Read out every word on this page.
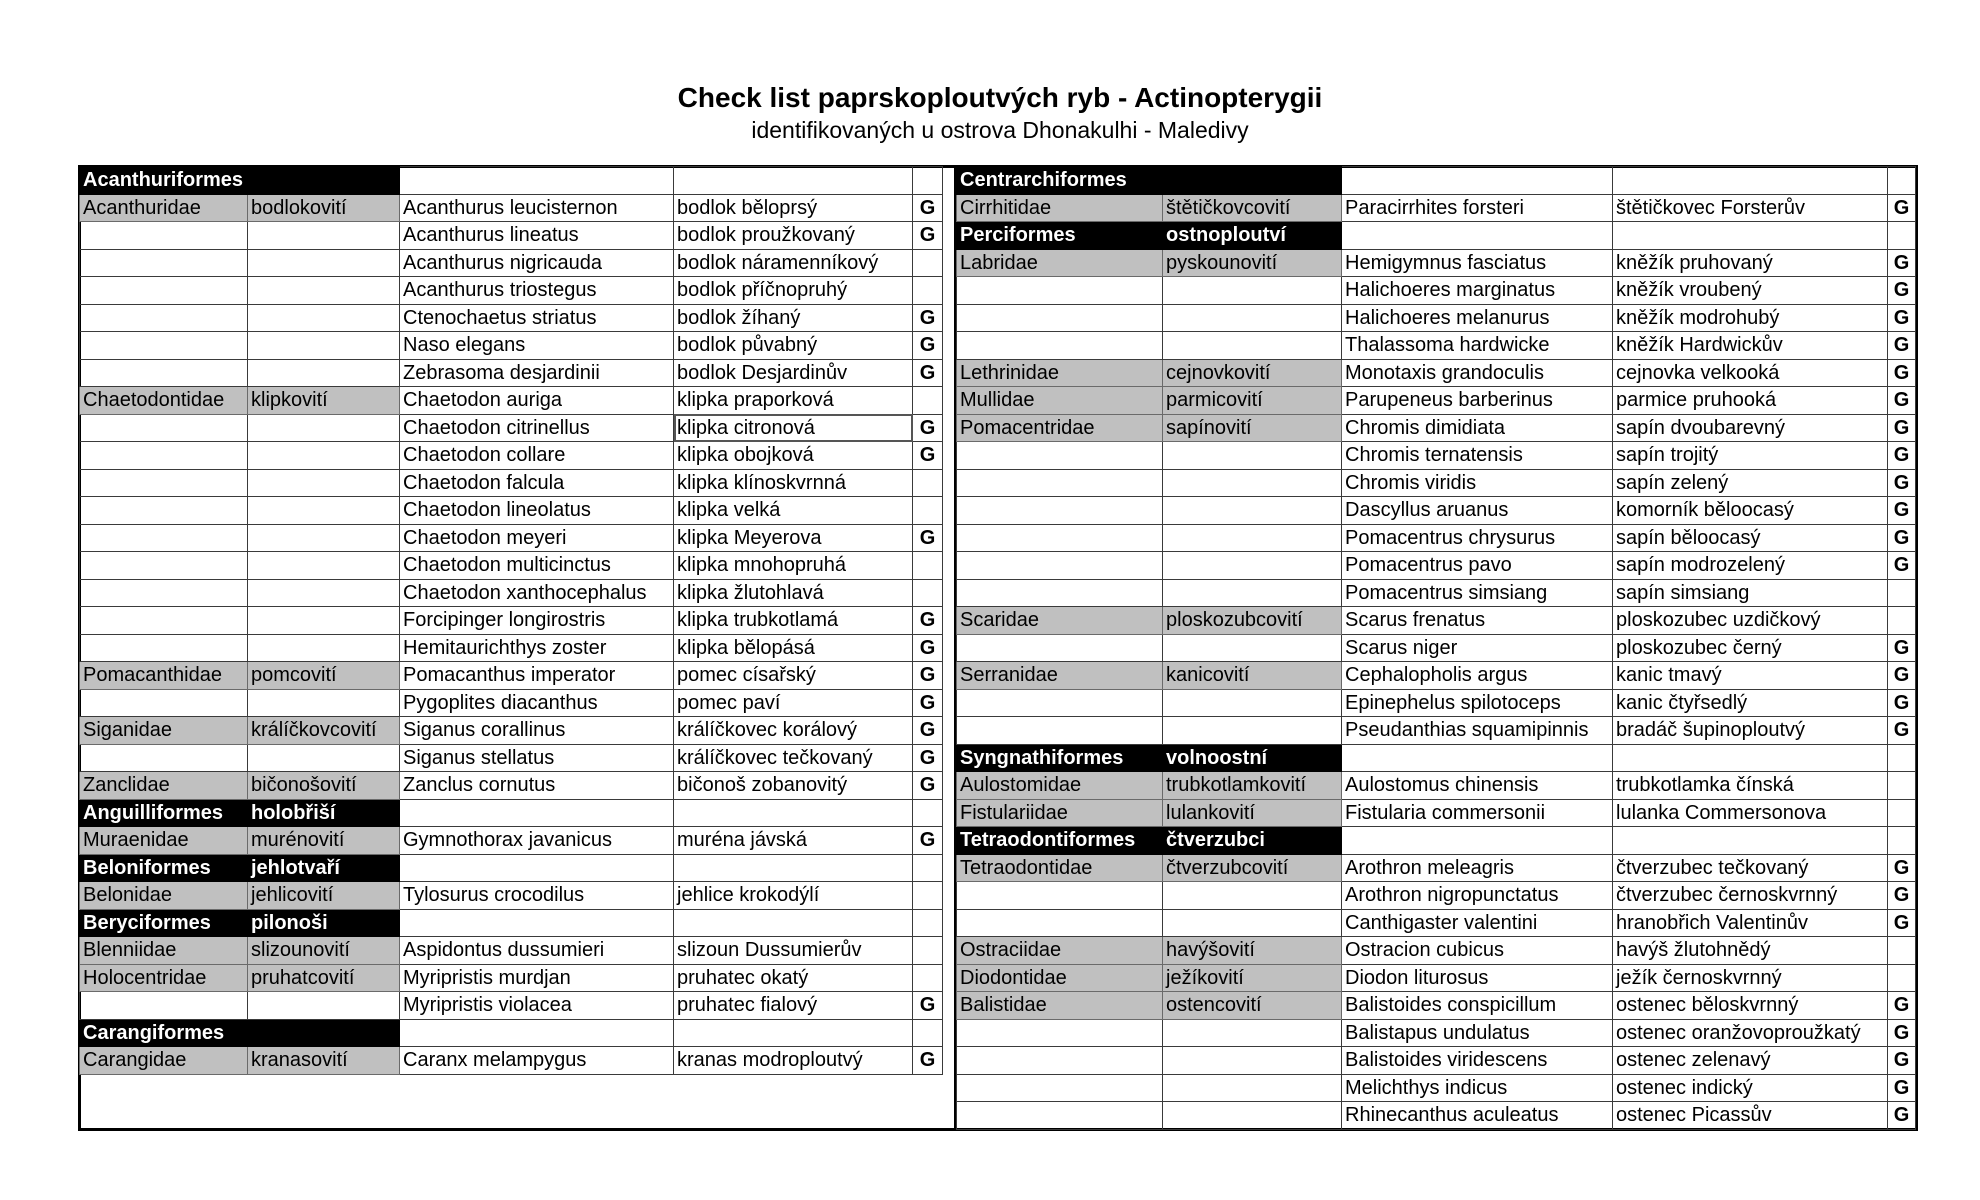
Check list paprskoploutvých ryb - Actinopterygii
identifikovaných u ostrova Dhonakulhi - Maledivy
Acanthuriformes				
Acanthuridae	bodlokovití	Acanthurus leucisternon	bodlok běloprsý	G
		Acanthurus lineatus	bodlok proužkovaný	G
		Acanthurus nigricauda	bodlok náramenníkový	
		Acanthurus triostegus	bodlok příčnopruhý	
		Ctenochaetus striatus	bodlok žíhaný	G
		Naso elegans	bodlok půvabný	G
		Zebrasoma desjardinii	bodlok Desjardinův	G
Chaetodontidae	klipkovití	Chaetodon auriga	klipka praporková	
		Chaetodon citrinellus	klipka citronová	G
		Chaetodon collare	klipka obojková	G
		Chaetodon falcula	klipka klínoskvrnná	
		Chaetodon lineolatus	klipka velká	
		Chaetodon meyeri	klipka Meyerova	G
		Chaetodon multicinctus	klipka mnohopruhá	
		Chaetodon xanthocephalus	klipka žlutohlavá	
		Forcipinger longirostris	klipka trubkotlamá	G
		Hemitaurichthys zoster	klipka bělopásá	G
Pomacanthidae	pomcovití	Pomacanthus imperator	pomec císařský	G
		Pygoplites diacanthus	pomec paví	G
Siganidae	králíčkovcovití	Siganus corallinus	králíčkovec korálový	G
		Siganus stellatus	králíčkovec tečkovaný	G
Zanclidae	bičonošovití	Zanclus cornutus	bičonoš zobanovitý	G
Anguilliformes	holobřiší			
Muraenidae	murénovití	Gymnothorax javanicus	muréna jávská	G
Beloniformes	jehlotvaří			
Belonidae	jehlicovití	Tylosurus crocodilus	jehlice krokodýlí	
Beryciformes	pilonoši			
Blenniidae	slizounovití	Aspidontus dussumieri	slizoun Dussumierův	
Holocentridae	pruhatcovití	Myripristis murdjan	pruhatec okatý	
		Myripristis violacea	pruhatec fialový	G
Carangiformes				
Carangidae	kranasovití	Caranx melampygus	kranas modroploutvý	G
Centrarchiformes				
Cirrhitidae	štětičkovcovití	Paracirrhites forsteri	štětičkovec Forsterův	G
Perciformes	ostnoploutví			
Labridae	pyskounovití	Hemigymnus fasciatus	kněžík pruhovaný	G
		Halichoeres marginatus	kněžík vroubený	G
		Halichoeres melanurus	kněžík modrohubý	G
		Thalassoma hardwicke	kněžík Hardwickův	G
Lethrinidae	cejnovkovití	Monotaxis grandoculis	cejnovka velkooká	G
Mullidae	parmicovití	Parupeneus barberinus	parmice pruhooká	G
Pomacentridae	sapínovití	Chromis dimidiata	sapín dvoubarevný	G
		Chromis ternatensis	sapín trojitý	G
		Chromis viridis	sapín zelený	G
		Dascyllus aruanus	komorník běloocasý	G
		Pomacentrus chrysurus	sapín běloocasý	G
		Pomacentrus pavo	sapín modrozelený	G
		Pomacentrus simsiang	sapín simsiang	
Scaridae	ploskozubcovití	Scarus frenatus	ploskozubec uzdičkový	
		Scarus niger	ploskozubec černý	G
Serranidae	kanicovití	Cephalopholis argus	kanic tmavý	G
		Epinephelus spilotoceps	kanic čtyřsedlý	G
		Pseudanthias squamipinnis	bradáč šupinoploutvý	G
Syngnathiformes	volnoostní			
Aulostomidae	trubkotlamkovití	Aulostomus chinensis	trubkotlamka čínská	
Fistulariidae	lulankovití	Fistularia commersonii	lulanka Commersonova	
Tetraodontiformes	čtverzubci			
Tetraodontidae	čtverzubcovití	Arothron meleagris	čtverzubec tečkovaný	G
		Arothron nigropunctatus	čtverzubec černoskvrnný	G
		Canthigaster valentini	hranobřich Valentinův	G
Ostraciidae	havýšovití	Ostracion cubicus	havýš žlutohnědý	
Diodontidae	ježíkovití	Diodon liturosus	ježík černoskvrnný	
Balistidae	ostencovití	Balistoides conspicillum	ostenec běloskvrnný	G
		Balistapus undulatus	ostenec oranžovoproužkatý	G
		Balistoides viridescens	ostenec zelenavý	G
		Melichthys indicus	ostenec indický	G
		Rhinecanthus aculeatus	ostenec Picassův	G
